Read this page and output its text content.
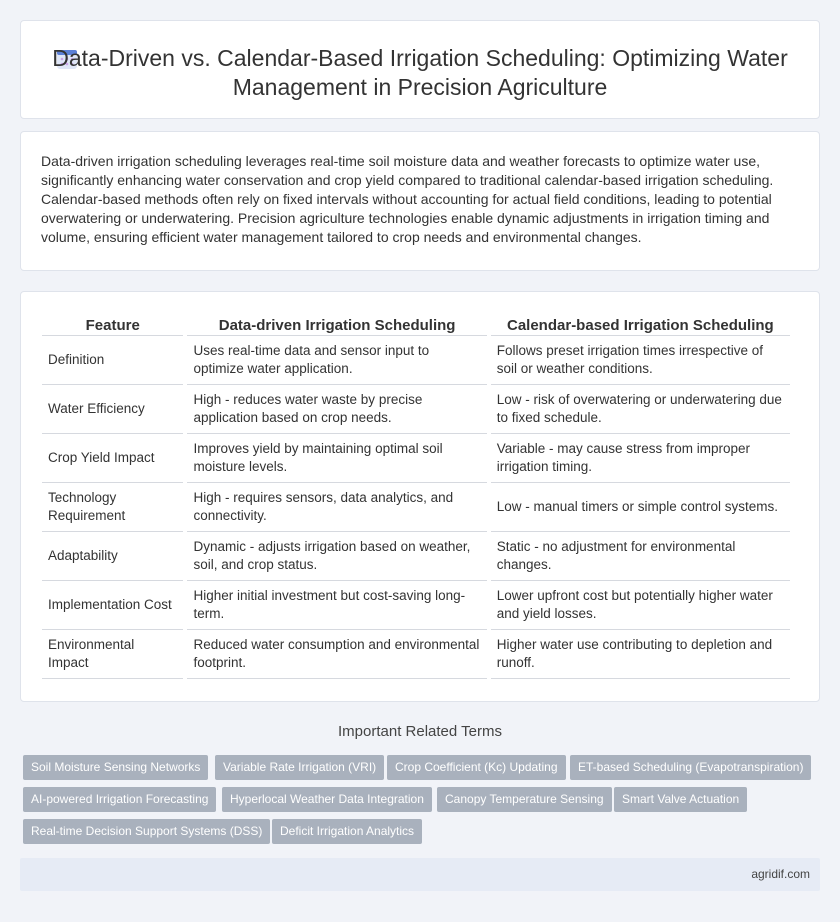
Data-Driven vs. Calendar-Based Irrigation Scheduling: Optimizing Water Management in Precision Agriculture

Data-driven irrigation scheduling leverages real-time soil moisture data and weather forecasts to optimize water use, significantly enhancing water conservation and crop yield compared to traditional calendar-based irrigation scheduling. Calendar-based methods often rely on fixed intervals without accounting for actual field conditions, leading to potential overwatering or underwatering. Precision agriculture technologies enable dynamic adjustments in irrigation timing and volume, ensuring efficient water management tailored to crop needs and environmental changes.

Feature	Data-driven Irrigation Scheduling	Calendar-based Irrigation Scheduling
Definition	Uses real-time data and sensor input to optimize water application.	Follows preset irrigation times irrespective of soil or weather conditions.
Water Efficiency	High - reduces water waste by precise application based on crop needs.	Low - risk of overwatering or underwatering due to fixed schedule.
Crop Yield Impact	Improves yield by maintaining optimal soil moisture levels.	Variable - may cause stress from improper irrigation timing.
Technology Requirement	High - requires sensors, data analytics, and connectivity.	Low - manual timers or simple control systems.
Adaptability	Dynamic - adjusts irrigation based on weather, soil, and crop status.	Static - no adjustment for environmental changes.
Implementation Cost	Higher initial investment but cost-saving long-term.	Lower upfront cost but potentially higher water and yield losses.
Environmental Impact	Reduced water consumption and environmental footprint.	Higher water use contributing to depletion and runoff.
Important Related Terms
Soil Moisture Sensing Networks	Variable Rate Irrigation (VRI)	Crop Coefficient (Kc) Updating	ET-based Scheduling (Evapotranspiration)
AI-powered Irrigation Forecasting	Hyperlocal Weather Data Integration	Canopy Temperature Sensing	Smart Valve Actuation
Real-time Decision Support Systems (DSS)	Deficit Irrigation Analytics
agridif.com
